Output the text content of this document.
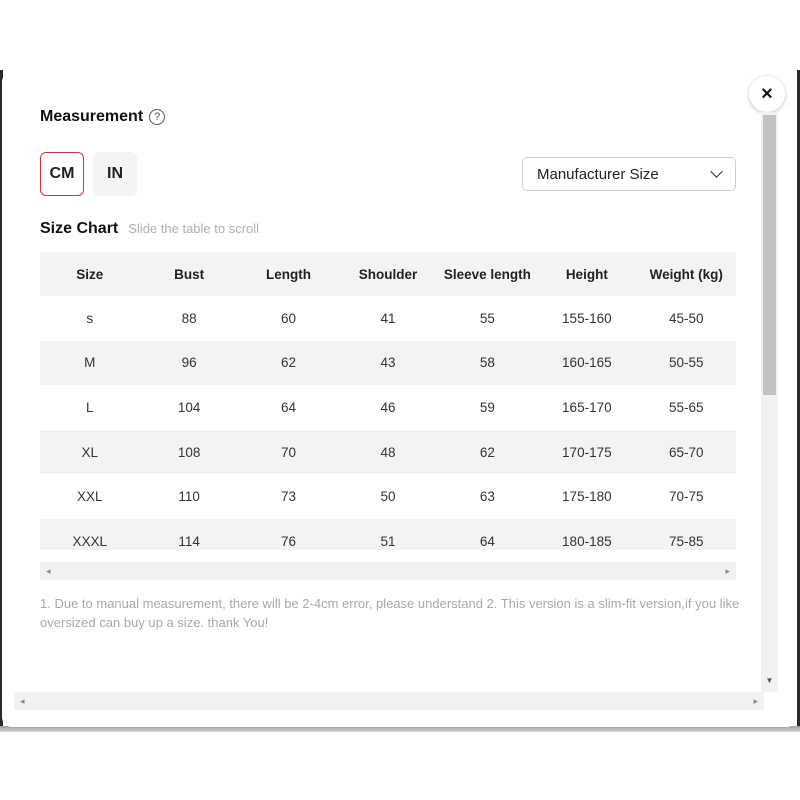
Measurement ?
×
CM	IN	Manufacturer Size
Size Chart Slide the table to scroll
Size	Bust	Length	Shoulder	Sleeve length	Height	Weight (kg)
s	88	60	41	55	155-160	45-50
M	96	62	43	58	160-165	50-55
L	104	64	46	59	165-170	55-65
XL	108	70	48	62	170-175	65-70
XXL	110	73	50	63	175-180	70-75
XXXL	114	76	51	64	180-185	75-85
◂	▸
1. Due to manual measurement, there will be 2-4cm error, please understand 2. This version is a slim-fit version,if you like oversized can buy up a size. thank You!
▼
◂	▸
